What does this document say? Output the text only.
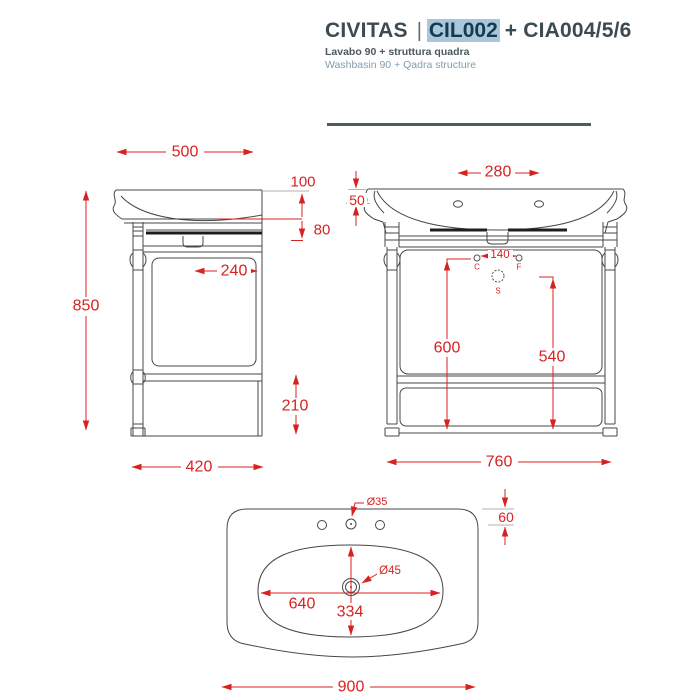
CIVITAS | CIL002 + CIA004/5/6
Lavabo 90 + struttura quadra
Washbasin 90 + Qadra structure
500
850
100
80
240
210
420
280
50
140
C	F
S
600
540
760
60
Ø35
Ø45
640 334
900
